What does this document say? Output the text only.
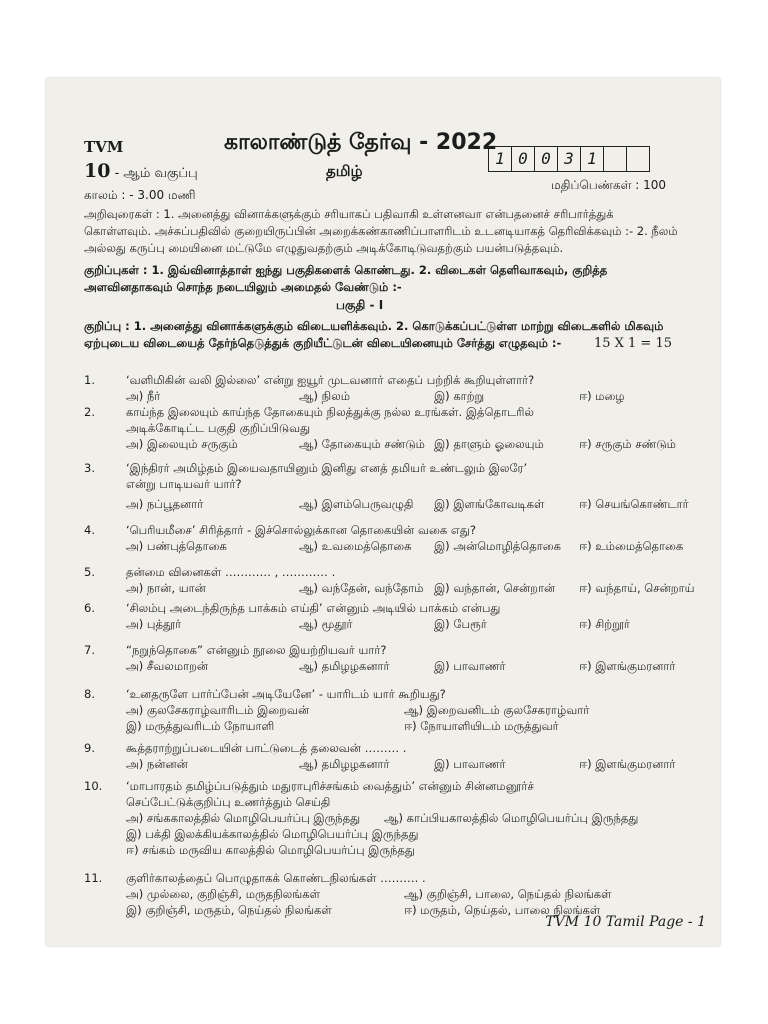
TVM
10 - ஆம் வகுப்பு
காலம் : - 3.00 மணி
காலாண்டுத் தேர்வு - 2022
தமிழ்
1 0 0 3 1
மதிப்பெண்கள் : 100
அறிவுரைகள் : 1. அனைத்து வினாக்களுக்கும் சரியாகப் பதிவாகி உள்ளனவா என்பதனைச் சரிபார்த்துக் கொள்ளவும். அச்சுப்பதிவில் குறையிருப்பின் அறைக்கண்காணிப்பாளரிடம் உடனடியாகத் தெரிவிக்கவும் :- 2. நீலம் அல்லது கருப்பு மையினை மட்டுமே எழுதுவதற்கும் அடிக்கோடிடுவதற்கும் பயன்படுத்தவும்.
குறிப்புகள் : 1. இவ்வினாத்தாள் ஐந்து பகுதிகளைக் கொண்டது. 2. விடைகள் தெளிவாகவும், குறித்த அளவினதாகவும் சொந்த நடையிலும் அமைதல் வேண்டும் :-
பகுதி - I
குறிப்பு : 1. அனைத்து வினாக்களுக்கும் விடையளிக்கவும். 2. கொடுக்கப்பட்டுள்ள மாற்று விடைகளில் மிகவும் ஏற்புடைய விடையைத் தேர்ந்தெடுத்துக் குறியீட்டுடன் விடையினையும் சேர்த்து எழுதவும் :-	15 X 1 = 15
1.	‘வளிமிகின் வலி இல்லை’ என்று ஐயூர் முடவனார் எதைப் பற்றிக் கூறியுள்ளார்?
அ) நீர்	ஆ) நிலம்	இ) காற்று	ஈ) மழை
2.	காய்ந்த இலையும் காய்ந்த தோகையும் நிலத்துக்கு நல்ல உரங்கள். இத்தொடரில்
அடிக்கோடிட்ட பகுதி குறிப்பிடுவது
அ) இலையும் சருகும்	ஆ) தோகையும் சண்டும் இ) தாளும் ஓலையும்	ஈ) சருகும் சண்டும்
3.	‘இந்திரர் அமிழ்தம் இயைவதாயினும் இனிது எனத் தமியர் உண்டலும் இலரே’
என்று பாடியவர் யார்?
அ) நப்பூதனார்	ஆ) இளம்பெருவழுதி இ) இளங்கோவடிகள்	ஈ) செயங்கொண்டார்
4.	‘பெரியமீசை’ சிரித்தார் - இச்சொல்லுக்கான தொகையின் வகை எது?
அ) பண்புத்தொகை	ஆ) உவமைத்தொகை இ) அன்மொழித்தொகை ஈ) உம்மைத்தொகை
5.	தன்மை வினைகள் ………… , ………… .
அ) நான், யான்	ஆ) வந்தேன், வந்தோம் இ) வந்தான், சென்றான் ஈ) வந்தாய், சென்றாய்
6.	‘சிலம்பு அடைந்திருந்த பாக்கம் எய்தி’ என்னும் அடியில் பாக்கம் என்பது
அ) புத்தூர்	ஆ) மூதூர்	இ) பேரூர்	ஈ) சிற்றூர்
7.	“நறுந்தொகை” என்னும் நூலை இயற்றியவர் யார்?
அ) சீவலமாறன்	ஆ) தமிழழகனார்	இ) பாவாணர்	ஈ) இளங்குமரனார்
8.	‘உனதருளே பார்ப்பேன் அடியேனே’ - யாரிடம் யார் கூறியது?
அ) குலசேகராழ்வாரிடம் இறைவன்	ஆ) இறைவனிடம் குலசேகராழ்வார்
இ) மருத்துவரிடம் நோயாளி	ஈ) நோயாளியிடம் மருத்துவர்
9.	கூத்தராற்றுப்படையின் பாட்டுடைத் தலைவன் ……… .
அ) நன்னன்	ஆ) தமிழழகனார்	இ) பாவாணர்	ஈ) இளங்குமரனார்
10. ‘மாபாரதம் தமிழ்ப்படுத்தும் மதுராபுரிச்சங்கம் வைத்தும்’ என்னும் சின்னமனூர்ச்
செப்பேட்டுக்குறிப்பு உணர்த்தும் செய்தி
அ) சங்ககாலத்தில் மொழிபெயர்ப்பு இருந்தது ஆ) காப்பியகாலத்தில் மொழிபெயர்ப்பு இருந்தது
இ) பக்தி இலக்கியக்காலத்தில் மொழிபெயர்ப்பு இருந்தது
ஈ) சங்கம் மருவிய காலத்தில் மொழிபெயர்ப்பு இருந்தது
11. குளிர்காலத்தைப் பொழுதாகக் கொண்டநிலங்கள் ………. .
அ) முல்லை, குறிஞ்சி, மருதநிலங்கள்	ஆ) குறிஞ்சி, பாலை, நெய்தல் நிலங்கள்
இ) குறிஞ்சி, மருதம், நெய்தல் நிலங்கள்	ஈ) மருதம், நெய்தல், பாலை நிலங்கள்
TVM 10 Tamil Page - 1
